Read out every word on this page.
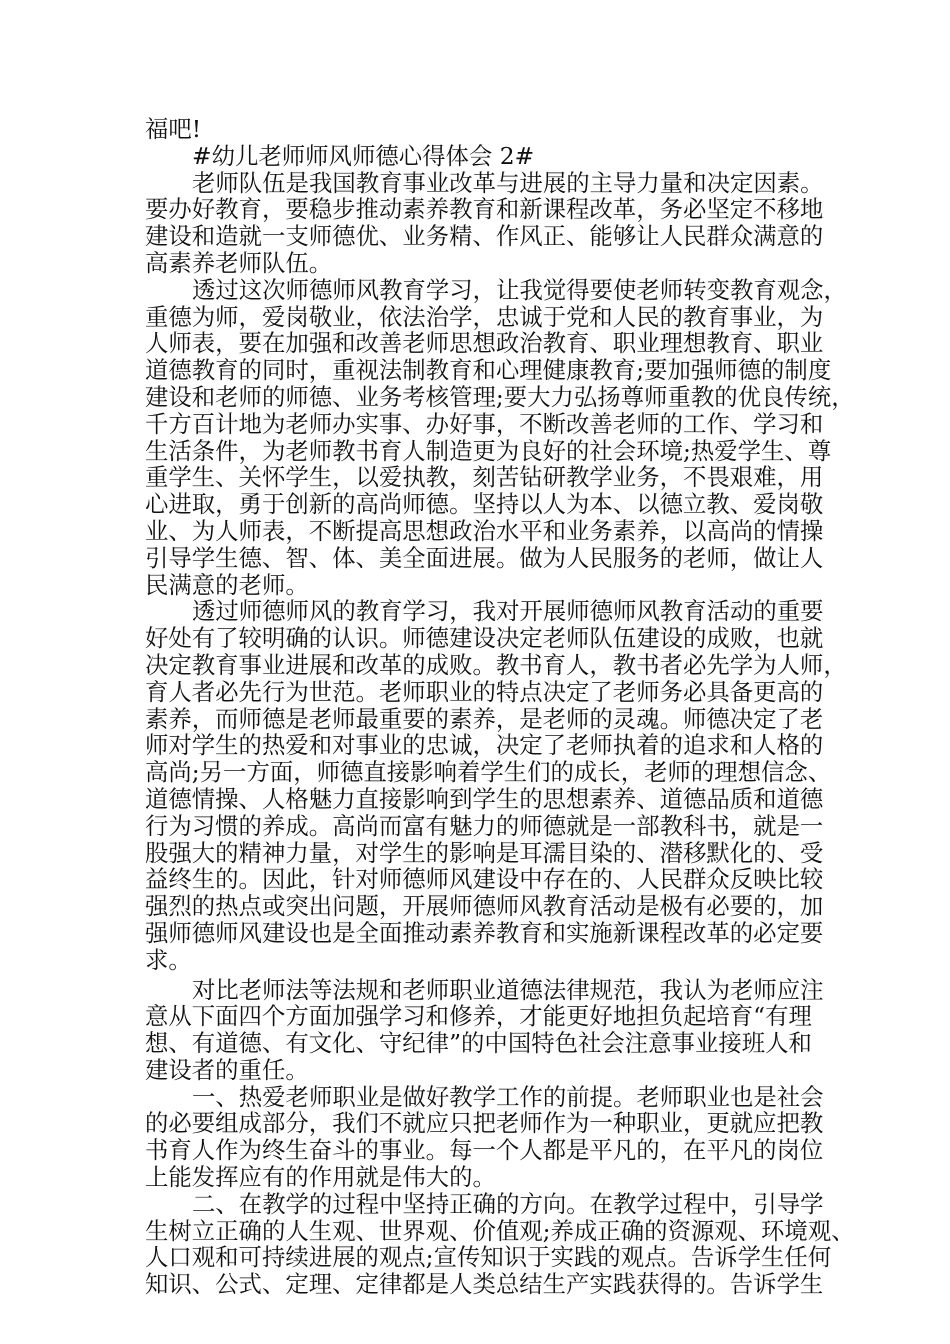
福吧!
#幼儿老师师风师德心得体会 2#
老师队伍是我国教育事业改革与进展的主导力量和决定因素。
要办好教育，要稳步推动素养教育和新课程改革，务必坚定不移地
建设和造就一支师德优、业务精、作风正、能够让人民群众满意的
高素养老师队伍。
透过这次师德师风教育学习，让我觉得要使老师转变教育观念，
重德为师，爱岗敬业，依法治学，忠诚于党和人民的教育事业，为
人师表，要在加强和改善老师思想政治教育、职业理想教育、职业
道德教育的同时，重视法制教育和心理健康教育;要加强师德的制度
建设和老师的师德、业务考核管理;要大力弘扬尊师重教的优良传统，
千方百计地为老师办实事、办好事，不断改善老师的工作、学习和
生活条件，为老师教书育人制造更为良好的社会环境;热爱学生、尊
重学生、关怀学生，以爱执教，刻苦钻研教学业务，不畏艰难，用
心进取，勇于创新的高尚师德。坚持以人为本、以德立教、爱岗敬
业、为人师表，不断提高思想政治水平和业务素养，以高尚的情操
引导学生德、智、体、美全面进展。做为人民服务的老师，做让人
民满意的老师。
透过师德师风的教育学习，我对开展师德师风教育活动的重要
好处有了较明确的认识。师德建设决定老师队伍建设的成败，也就
决定教育事业进展和改革的成败。教书育人，教书者必先学为人师，
育人者必先行为世范。老师职业的特点决定了老师务必具备更高的
素养，而师德是老师最重要的素养，是老师的灵魂。师德决定了老
师对学生的热爱和对事业的忠诚，决定了老师执着的追求和人格的
高尚;另一方面，师德直接影响着学生们的成长，老师的理想信念、
道德情操、人格魅力直接影响到学生的思想素养、道德品质和道德
行为习惯的养成。高尚而富有魅力的师德就是一部教科书，就是一
股强大的精神力量，对学生的影响是耳濡目染的、潜移默化的、受
益终生的。因此，针对师德师风建设中存在的、人民群众反映比较
强烈的热点或突出问题，开展师德师风教育活动是极有必要的，加
强师德师风建设也是全面推动素养教育和实施新课程改革的必定要
求。
对比老师法等法规和老师职业道德法律规范，我认为老师应注
意从下面四个方面加强学习和修养，才能更好地担负起培育“有理
想、有道德、有文化、守纪律”的中国特色社会注意事业接班人和
建设者的重任。
一、热爱老师职业是做好教学工作的前提。老师职业也是社会
的必要组成部分，我们不就应只把老师作为一种职业，更就应把教
书育人作为终生奋斗的事业。每一个人都是平凡的，在平凡的岗位
上能发挥应有的作用就是伟大的。
二、在教学的过程中坚持正确的方向。在教学过程中，引导学
生树立正确的人生观、世界观、价值观;养成正确的资源观、环境观、
人口观和可持续进展的观点;宣传知识于实践的观点。告诉学生任何
知识、公式、定理、定律都是人类总结生产实践获得的。告诉学生
